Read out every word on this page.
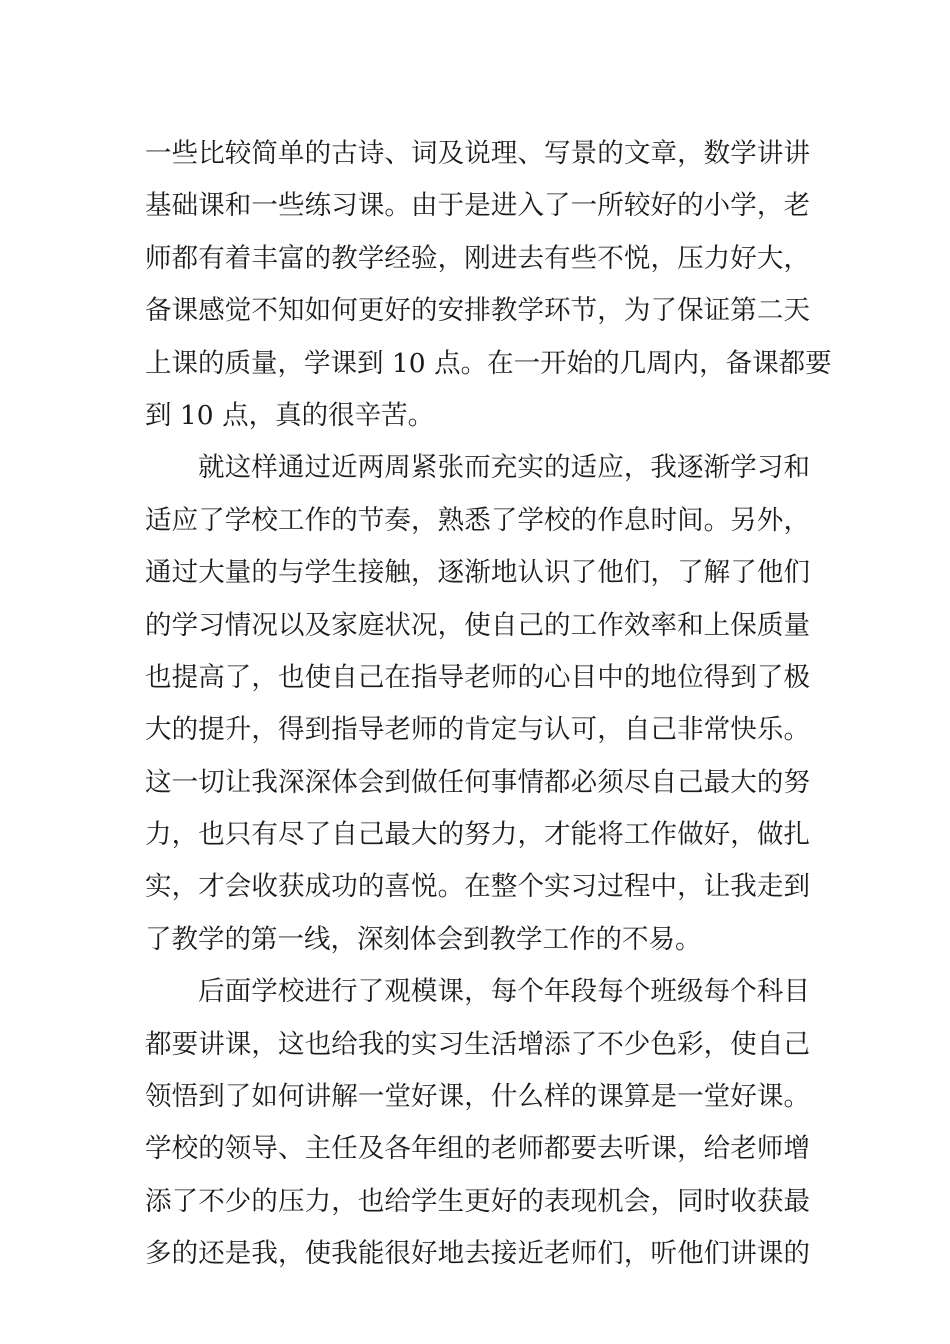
一些比较简单的古诗、词及说理、写景的文章，数学讲讲
基础课和一些练习课。由于是进入了一所较好的小学，老
师都有着丰富的教学经验，刚进去有些不悦，压力好大，
备课感觉不知如何更好的安排教学环节，为了保证第二天
上课的质量，学课到 10 点。在一开始的几周内，备课都要
到 10 点，真的很辛苦。
就这样通过近两周紧张而充实的适应，我逐渐学习和
适应了学校工作的节奏，熟悉了学校的作息时间。另外，
通过大量的与学生接触，逐渐地认识了他们，了解了他们
的学习情况以及家庭状况，使自己的工作效率和上保质量
也提高了，也使自己在指导老师的心目中的地位得到了极
大的提升，得到指导老师的肯定与认可，自己非常快乐。
这一切让我深深体会到做任何事情都必须尽自己最大的努
力，也只有尽了自己最大的努力，才能将工作做好，做扎
实，才会收获成功的喜悦。在整个实习过程中，让我走到
了教学的第一线，深刻体会到教学工作的不易。
后面学校进行了观模课，每个年段每个班级每个科目
都要讲课，这也给我的实习生活增添了不少色彩，使自己
领悟到了如何讲解一堂好课，什么样的课算是一堂好课。
学校的领导、主任及各年组的老师都要去听课，给老师增
添了不少的压力，也给学生更好的表现机会，同时收获最
多的还是我，使我能很好地去接近老师们，听他们讲课的
